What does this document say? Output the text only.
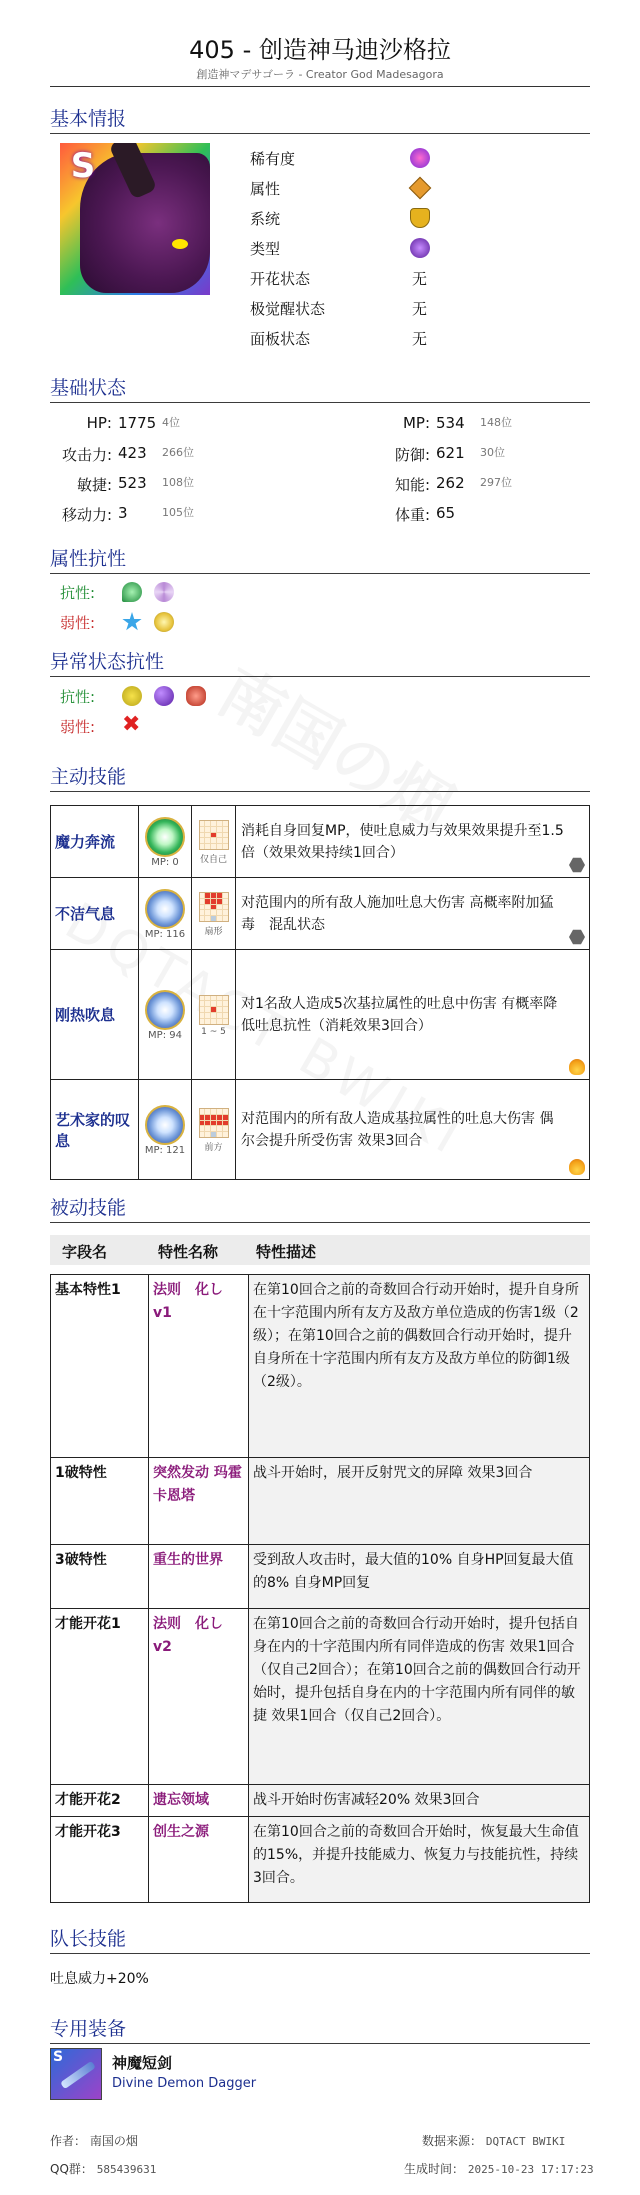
405 - 创造神马迪沙格拉
創造神マデサゴーラ - Creator God Madesagora
基本情报
S	稀有度
属性
系统
类型
开花状态	无
极觉醒状态	无
面板状态	无
基础状态
HP: 1775 4位	MP: 534	148位
攻击力: 423	266位	防御: 621	30位
敏捷: 523	108位	知能: 262	297位
移动力: 3	105位	体重: 65
属性抗性
抗性:
弱性:
异常状态抗性
抗性:
弱性: ✖
主动技能
魔力奔流	MP: 0	仅自己	消耗自身回复MP，使吐息威力与效果效果提升至1.5倍（效果效果持续1回合）

不洁气息	MP: 116	扇形	对范围内的所有敌人施加吐息大伤害 高概率附加猛毒　混乱状态

刚热吹息	MP: 94	1 ~ 5	对1名敌人造成5次基拉属性的吐息中伤害 有概率降低吐息抗性（消耗效果3回合）

艺术家的叹息	MP: 121	前方	对范围内的所有敌人造成基拉属性的吐息大伤害 偶尔会提升所受伤害 效果3回合
被动技能
字段名	特性名称	特性描述
基本特性1	法则　化し v1	在第10回合之前的奇数回合行动开始时，提升自身所在十字范围内所有友方及敌方单位造成的伤害1级（2级）；在第10回合之前的偶数回合行动开始时，提升自身所在十字范围内所有友方及敌方单位的防御1级（2级）。
1破特性	突然发动 玛霍卡恩塔	战斗开始时，展开反射咒文的屏障 效果3回合
3破特性	重生的世界	受到敌人攻击时，最大值的10% 自身HP回复最大值的8% 自身MP回复
才能开花1	法则　化し v2	在第10回合之前的奇数回合行动开始时，提升包括自身在内的十字范围内所有同伴造成的伤害 效果1回合（仅自己2回合）；在第10回合之前的偶数回合行动开始时，提升包括自身在内的十字范围内所有同伴的敏捷 效果1回合（仅自己2回合）。
才能开花2	遗忘领域	战斗开始时伤害减轻20% 效果3回合
才能开花3	创生之源	在第10回合之前的奇数回合开始时，恢复最大生命值的15%，并提升技能威力、恢复力与技能抗性，持续3回合。
队长技能
吐息威力+20%
专用装备
S	神魔短剑
Divine Demon Dagger
作者： 南国の烟
QQ群： 585439631
数据来源： DQTACT BWIKI
生成时间： 2025-10-23 17:17:23
